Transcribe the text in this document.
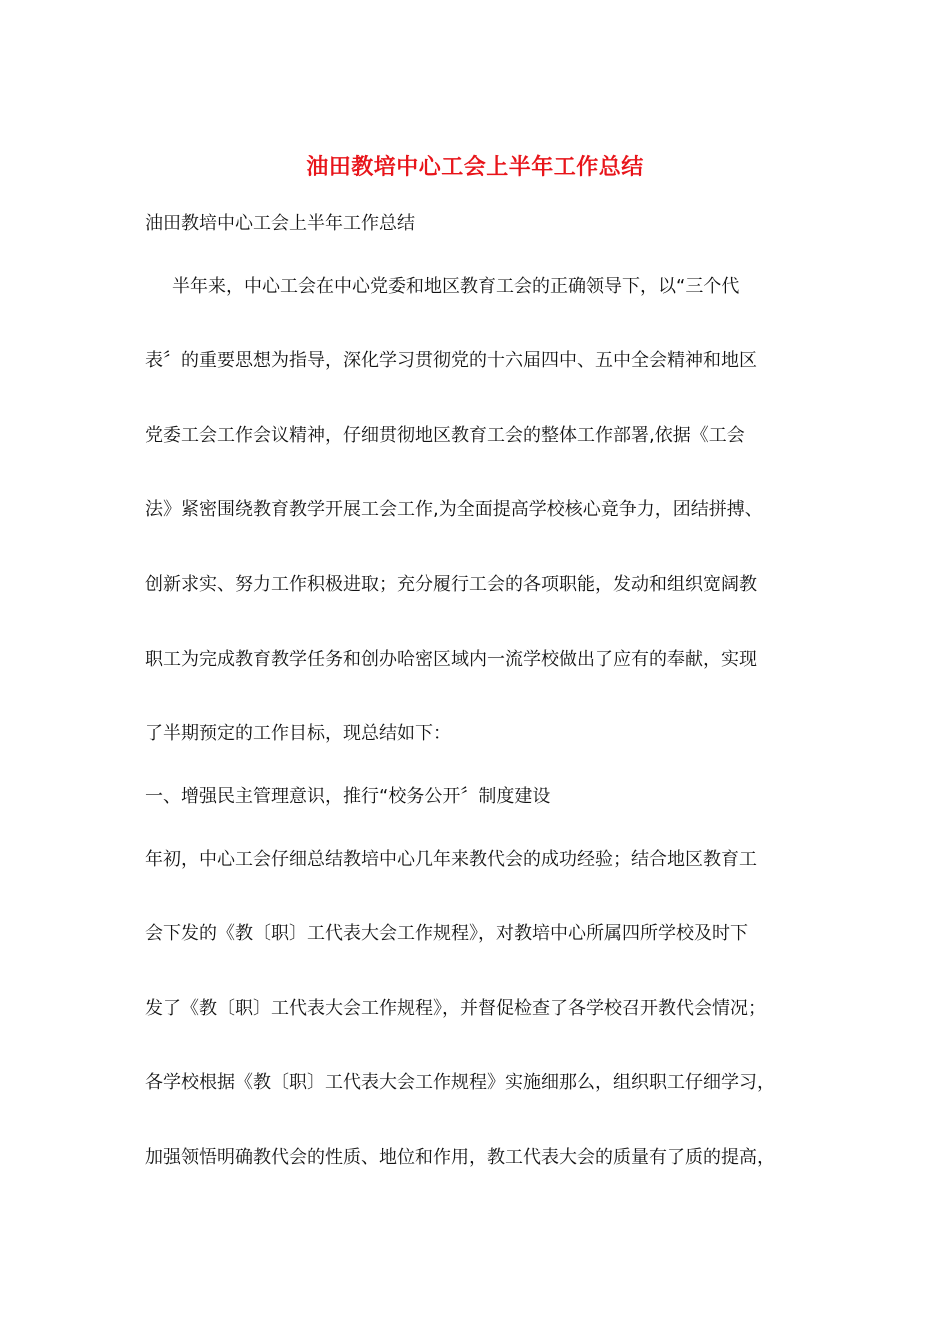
油田教培中心工会上半年工作总结
油田教培中心工会上半年工作总结
半年来，中心工会在中心党委和地区教育工会的正确领导下，以“三个代
表〞的重要思想为指导，深化学习贯彻党的十六届四中、五中全会精神和地区
党委工会工作会议精神，仔细贯彻地区教育工会的整体工作部署,依据《工会
法》紧密围绕教育教学开展工会工作,为全面提高学校核心竟争力，团结拼搏、
创新求实、努力工作积极进取；充分履行工会的各项职能，发动和组织宽阔教
职工为完成教育教学任务和创办哈密区域内一流学校做出了应有的奉献，实现
了半期预定的工作目标，现总结如下：
一、增强民主管理意识，推行“校务公开〞制度建设
年初，中心工会仔细总结教培中心几年来教代会的成功经验；结合地区教育工
会下发的《教〔职〕工代表大会工作规程》，对教培中心所属四所学校及时下
发了《教〔职〕工代表大会工作规程》，并督促检查了各学校召开教代会情况；
各学校根据《教〔职〕工代表大会工作规程》实施细那么，组织职工仔细学习，
加强领悟明确教代会的性质、地位和作用，教工代表大会的质量有了质的提高，
